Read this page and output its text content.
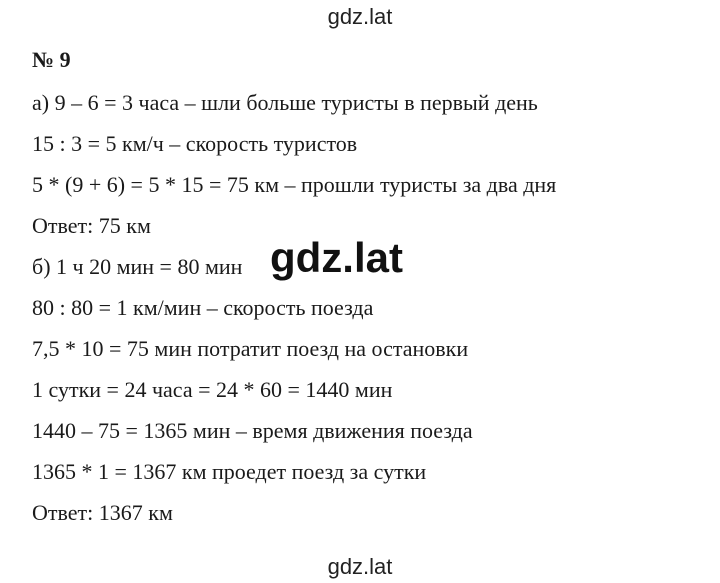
gdz.lat
№ 9
а) 9 – 6 = 3 часа – шли больше туристы в первый день
15 : 3 = 5 км/ч – скорость туристов
5 * (9 + 6) = 5 * 15 = 75 км – прошли туристы за два дня
Ответ: 75 км
б) 1 ч 20 мин = 80 мин
80 : 80 = 1 км/мин – скорость поезда
7,5 * 10 = 75 мин потратит поезд на остановки
1 сутки = 24 часа = 24 * 60 = 1440 мин
1440 – 75 = 1365 мин – время движения поезда
1365 * 1 = 1367 км проедет поезд за сутки
Ответ: 1367 км
gdz.lat
gdz.lat
